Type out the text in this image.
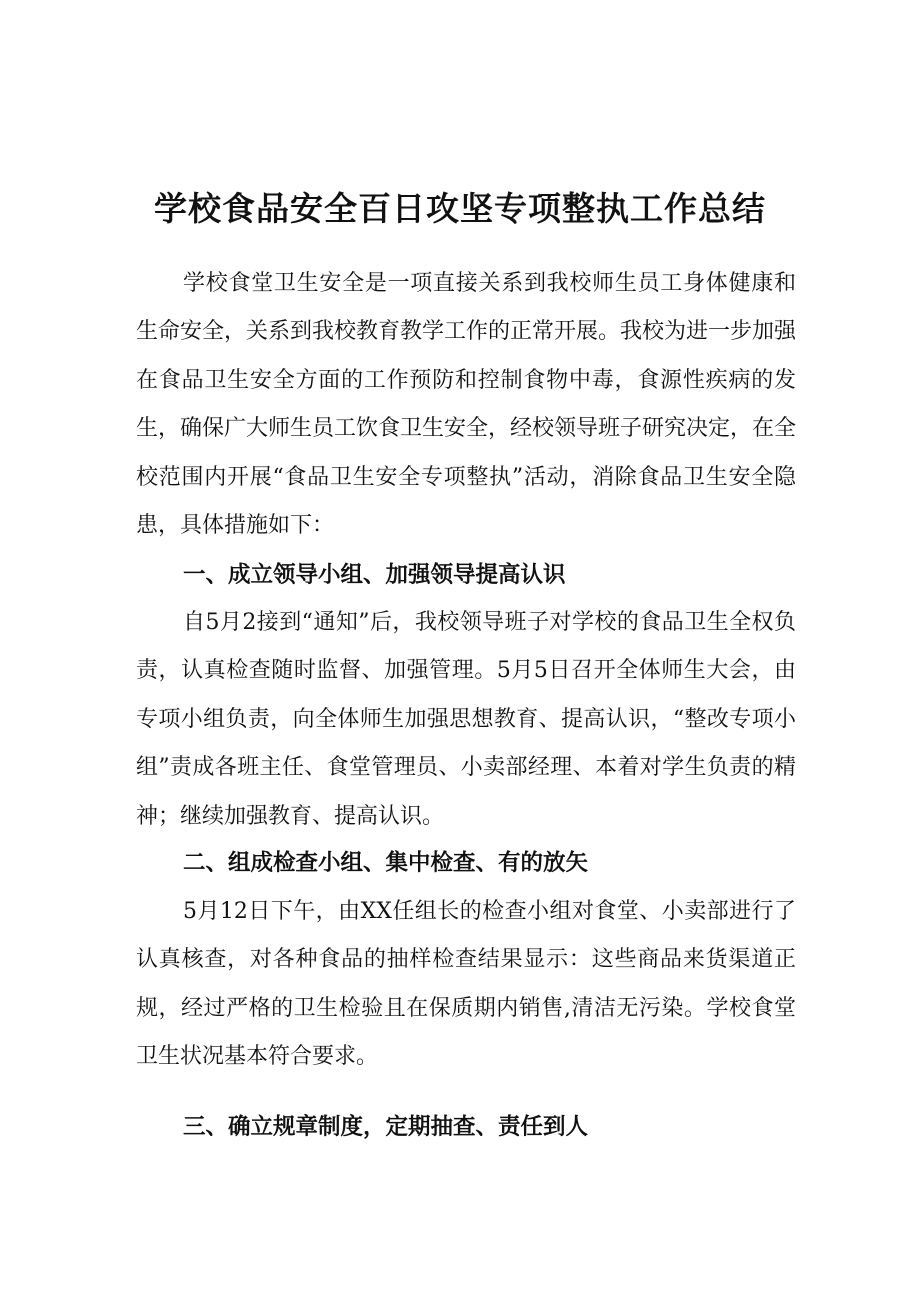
学校食品安全百日攻坚专项整执工作总结

学校食堂卫生安全是一项直接关系到我校师生员工身体健康和生命安全，关系到我校教育教学工作的正常开展。我校为进一步加强在食品卫生安全方面的工作预防和控制食物中毒，食源性疾病的发生，确保广大师生员工饮食卫生安全，经校领导班子研究决定，在全校范围内开展“食品卫生安全专项整执”活动，消除食品卫生安全隐患，具体措施如下：

一、成立领导小组、加强领导提高认识

自5月2接到“通知”后，我校领导班子对学校的食品卫生全权负责，认真检查随时监督、加强管理。5月5日召开全体师生大会，由专项小组负责，向全体师生加强思想教育、提高认识，“整改专项小组”责成各班主任、食堂管理员、小卖部经理、本着对学生负责的精神；继续加强教育、提高认识。

二、组成检查小组、集中检查、有的放矢

5月12日下午，由XX任组长的检查小组对食堂、小卖部进行了认真核查，对各种食品的抽样检查结果显示：这些商品来货渠道正规，经过严格的卫生检验且在保质期内销售,清洁无污染。学校食堂卫生状况基本符合要求。

三、确立规章制度，定期抽查、责任到人
